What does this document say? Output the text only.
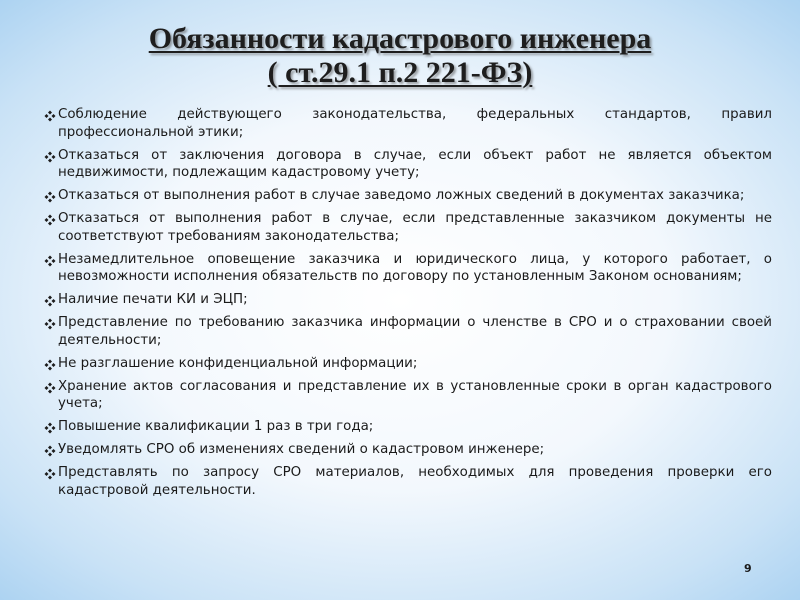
Обязанности кадастрового инженера
( ст.29.1 п.2 221-ФЗ)
Соблюдение действующего законодательства, федеральных стандартов, правил профессиональной этики;
Отказаться от заключения договора в случае, если объект работ не является объектом недвижимости, подлежащим кадастровому учету;
Отказаться от выполнения работ в случае заведомо ложных сведений в документах заказчика;
Отказаться от выполнения работ в случае, если представленные заказчиком документы не соответствуют требованиям законодательства;
Незамедлительное оповещение заказчика и юридического лица, у которого работает, о невозможности исполнения обязательств по договору по установленным Законом основаниям;
Наличие печати КИ и ЭЦП;
Представление по требованию заказчика информации о членстве в СРО и о страховании своей деятельности;
Не разглашение конфиденциальной информации;
Хранение актов согласования и представление их в установленные сроки в орган кадастрового учета;
Повышение квалификации 1 раз в три года;
Уведомлять СРО об изменениях сведений о кадастровом инженере;
Представлять по запросу СРО материалов, необходимых для проведения проверки его кадастровой деятельности.
9
